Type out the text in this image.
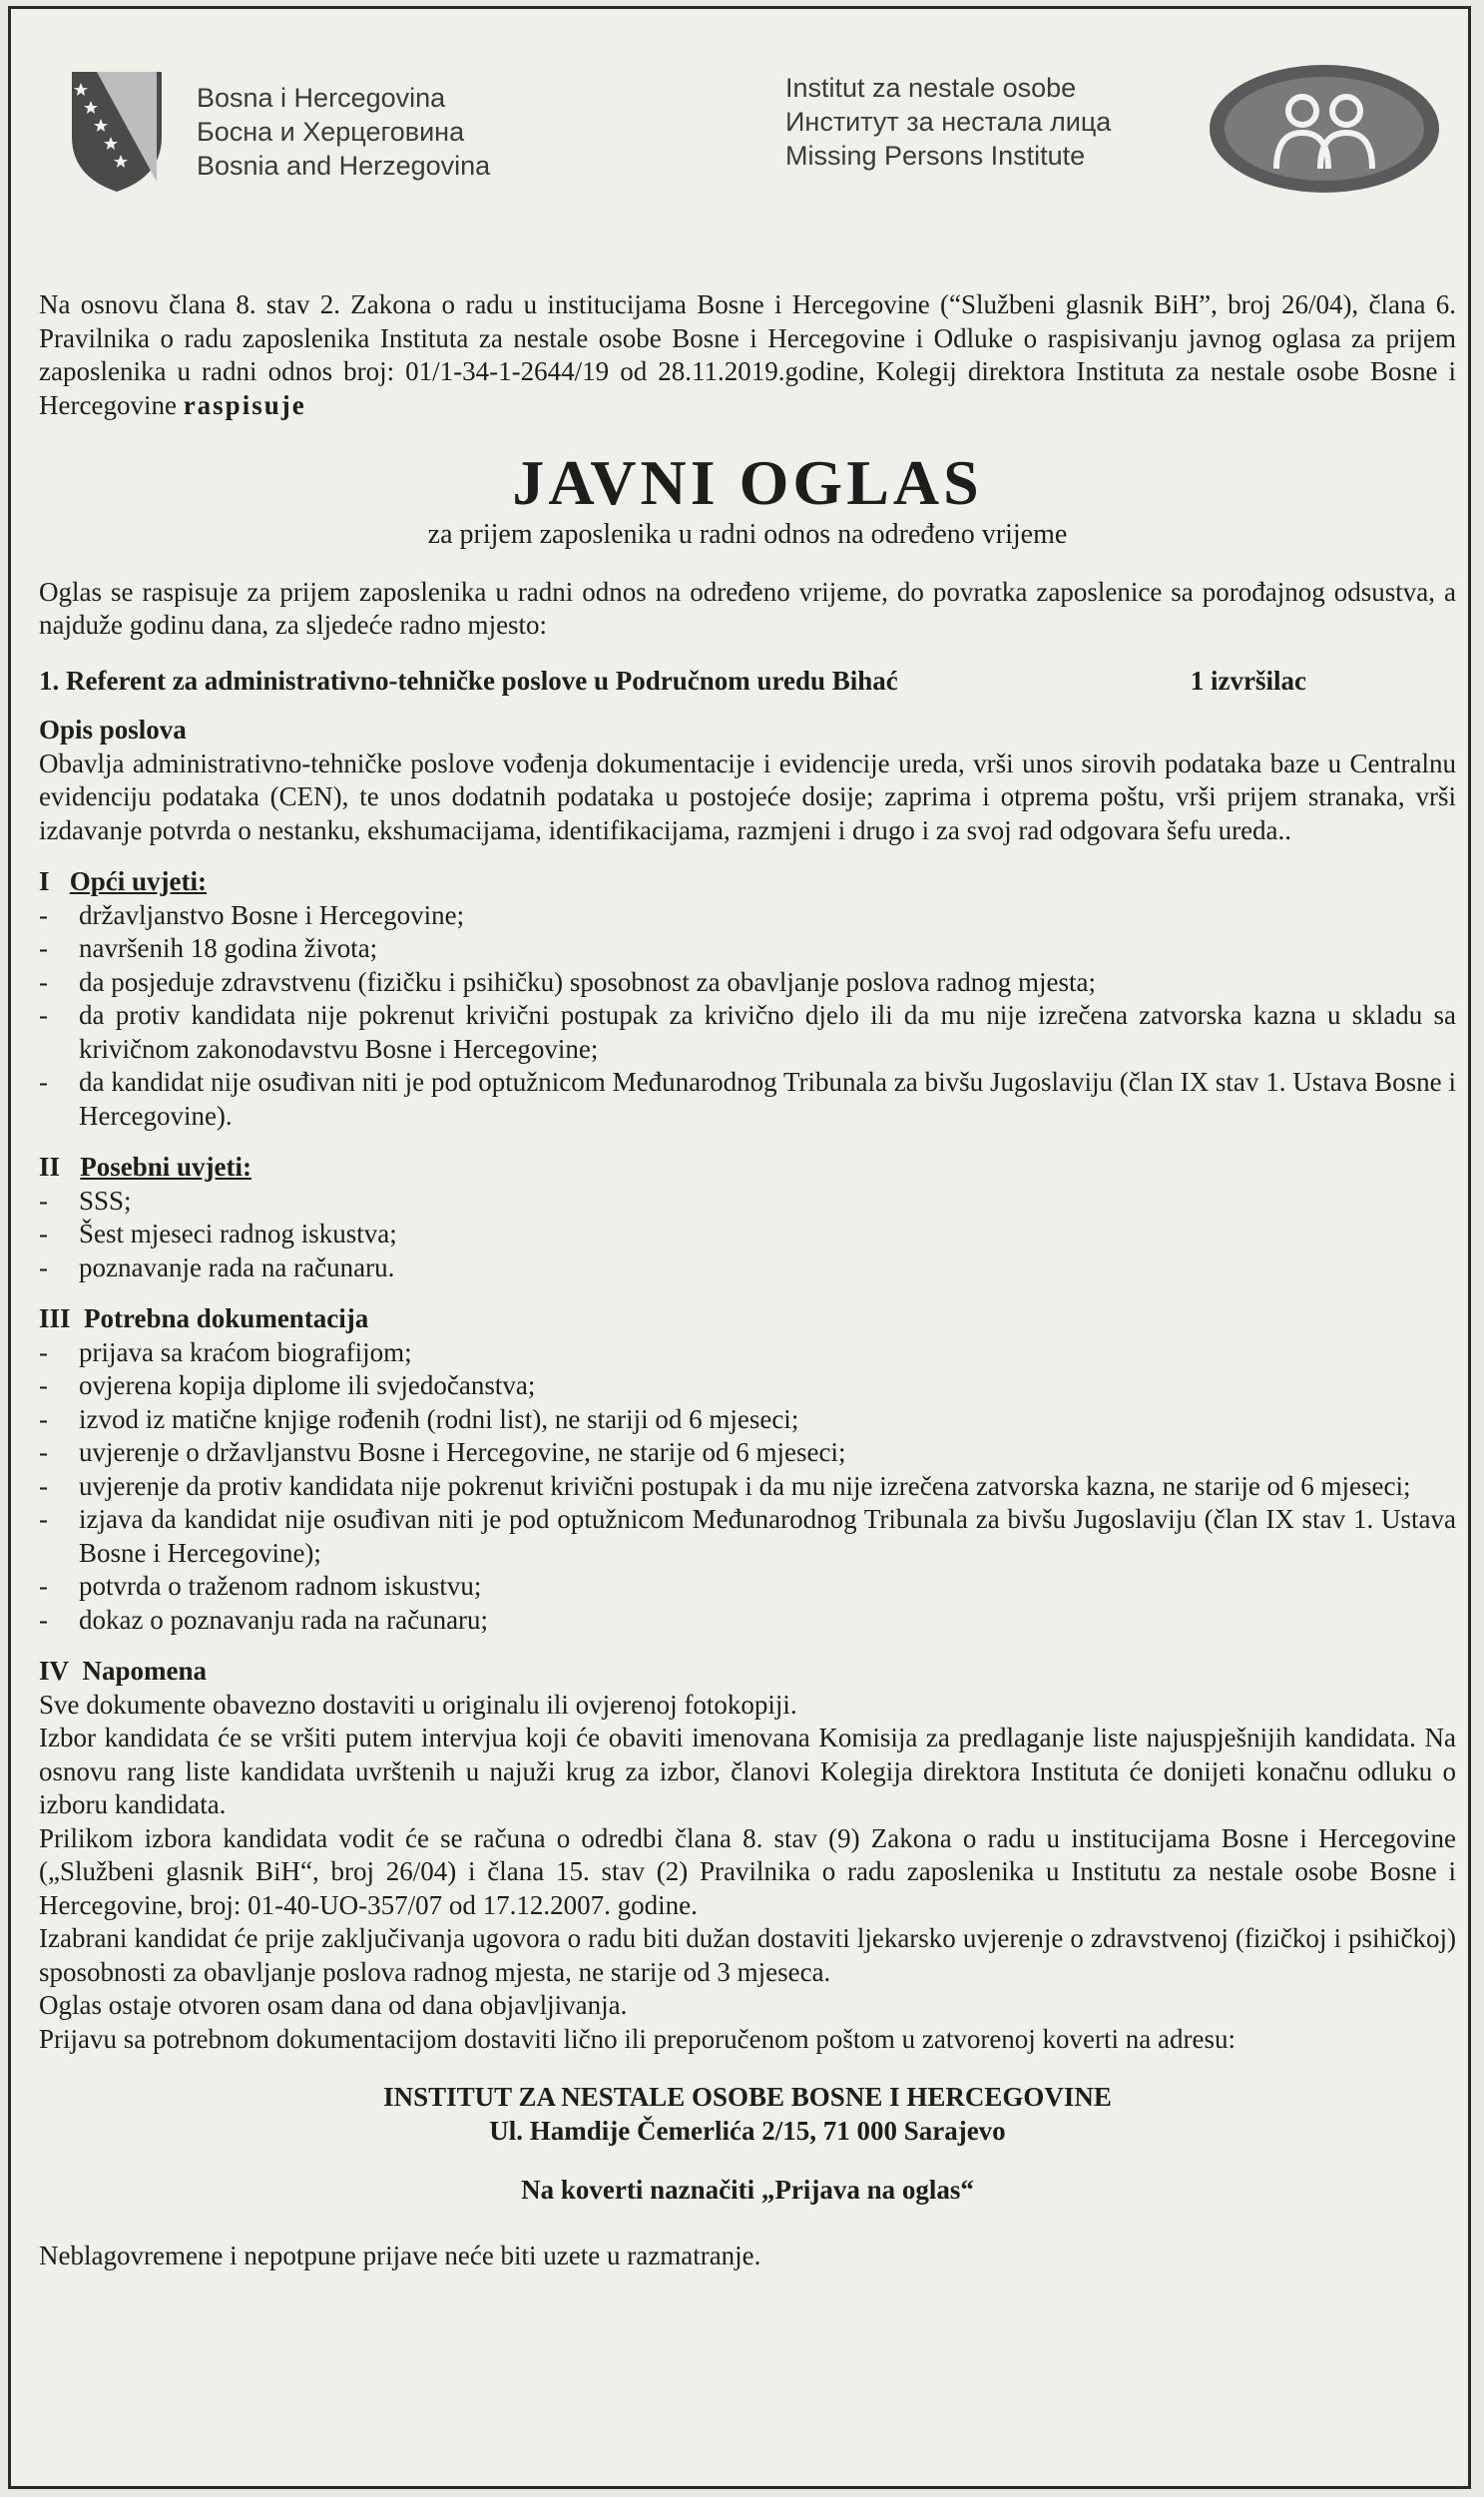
Bosna i Hercegovina
Босна и Херцеговина
Bosnia and Herzegovina
Institut za nestale osobe
Институт за нестала лица
Missing Persons Institute

Na osnovu člana 8. stav 2. Zakona o radu u institucijama Bosne i Hercegovine (“Službeni glasnik BiH”, broj 26/04), člana 6. Pravilnika o radu zaposlenika Instituta za nestale osobe Bosne i Hercegovine i Odluke o raspisivanju javnog oglasa za prijem zaposlenika u radni odnos broj: 01/1-34-1-2644/19 od 28.11.2019.godine, Kolegij direktora Instituta za nestale osobe Bosne i Hercegovine raspisuje

JAVNI OGLAS
za prijem zaposlenika u radni odnos na određeno vrijeme

Oglas se raspisuje za prijem zaposlenika u radni odnos na određeno vrijeme, do povratka zaposlenice sa porođajnog odsustva, a najduže godinu dana, za sljedeće radno mjesto:

1. Referent za administrativno-tehničke poslove u Područnom uredu Bihać	1 izvršilac
Opis poslova

Obavlja administrativno-tehničke poslove vođenja dokumentacije i evidencije ureda, vrši unos sirovih podataka baze u Centralnu evidenciju podataka (CEN), te unos dodatnih podataka u postojeće dosije; zaprima i otprema poštu, vrši prijem stranaka, vrši izdavanje potvrda o nestanku, ekshumacijama, identifikacijama, razmjeni i drugo i za svoj rad odgovara šefu ureda..

I Opći uvjeti:
- državljanstvo Bosne i Hercegovine;
- navršenih 18 godina života;
- da posjeduje zdravstvenu (fizičku i psihičku) sposobnost za obavljanje poslova radnog mjesta;
- da protiv kandidata nije pokrenut krivični postupak za krivično djelo ili da mu nije izrečena zatvorska kazna u skladu sa krivičnom zakonodavstvu Bosne i Hercegovine;
- da kandidat nije osuđivan niti je pod optužnicom Međunarodnog Tribunala za bivšu Jugoslaviju (član IX stav 1. Ustava Bosne i Hercegovine).
II Posebni uvjeti:
- SSS;
- Šest mjeseci radnog iskustva;
- poznavanje rada na računaru.
III Potrebna dokumentacija
- prijava sa kraćom biografijom;
- ovjerena kopija diplome ili svjedočanstva;
- izvod iz matične knjige rođenih (rodni list), ne stariji od 6 mjeseci;
- uvjerenje o državljanstvu Bosne i Hercegovine, ne starije od 6 mjeseci;
- uvjerenje da protiv kandidata nije pokrenut krivični postupak i da mu nije izrečena zatvorska kazna, ne starije od 6 mjeseci;
- izjava da kandidat nije osuđivan niti je pod optužnicom Međunarodnog Tribunala za bivšu Jugoslaviju (član IX stav 1. Ustava Bosne i Hercegovine);
- potvrda o traženom radnom iskustvu;
- dokaz o poznavanju rada na računaru;
IV Napomena

Sve dokumente obavezno dostaviti u originalu ili ovjerenoj fotokopiji.

Izbor kandidata će se vršiti putem intervjua koji će obaviti imenovana Komisija za predlaganje liste najuspješnijih kandidata. Na osnovu rang liste kandidata uvrštenih u najuži krug za izbor, članovi Kolegija direktora Instituta će donijeti konačnu odluku o izboru kandidata.

Prilikom izbora kandidata vodit će se računa o odredbi člana 8. stav (9) Zakona o radu u institucijama Bosne i Hercegovine („Službeni glasnik BiH“, broj 26/04) i člana 15. stav (2) Pravilnika o radu zaposlenika u Institutu za nestale osobe Bosne i Hercegovine, broj: 01-40-UO-357/07 od 17.12.2007. godine.

Izabrani kandidat će prije zaključivanja ugovora o radu biti dužan dostaviti ljekarsko uvjerenje o zdravstvenoj (fizičkoj i psihičkoj) sposobnosti za obavljanje poslova radnog mjesta, ne starije od 3 mjeseca.

Oglas ostaje otvoren osam dana od dana objavljivanja.

Prijavu sa potrebnom dokumentacijom dostaviti lično ili preporučenom poštom u zatvorenoj koverti na adresu:

INSTITUT ZA NESTALE OSOBE BOSNE I HERCEGOVINE
Ul. Hamdije Čemerlića 2/15, 71 000 Sarajevo
Na koverti naznačiti „Prijava na oglas“

Neblagovremene i nepotpune prijave neće biti uzete u razmatranje.
